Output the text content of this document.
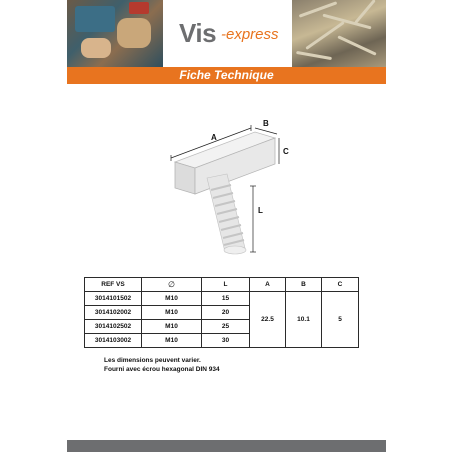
Vis -express
Fiche Technique
A
B
C
L
REF VS	∅	L	A	B	C
3014101502	M10	15	22.5	10.1	5
3014102002	M10	20			
3014102502	M10	25			
3014103002	M10	30			
Les dimensions peuvent varier.
Fourni avec écrou hexagonal DIN 934
